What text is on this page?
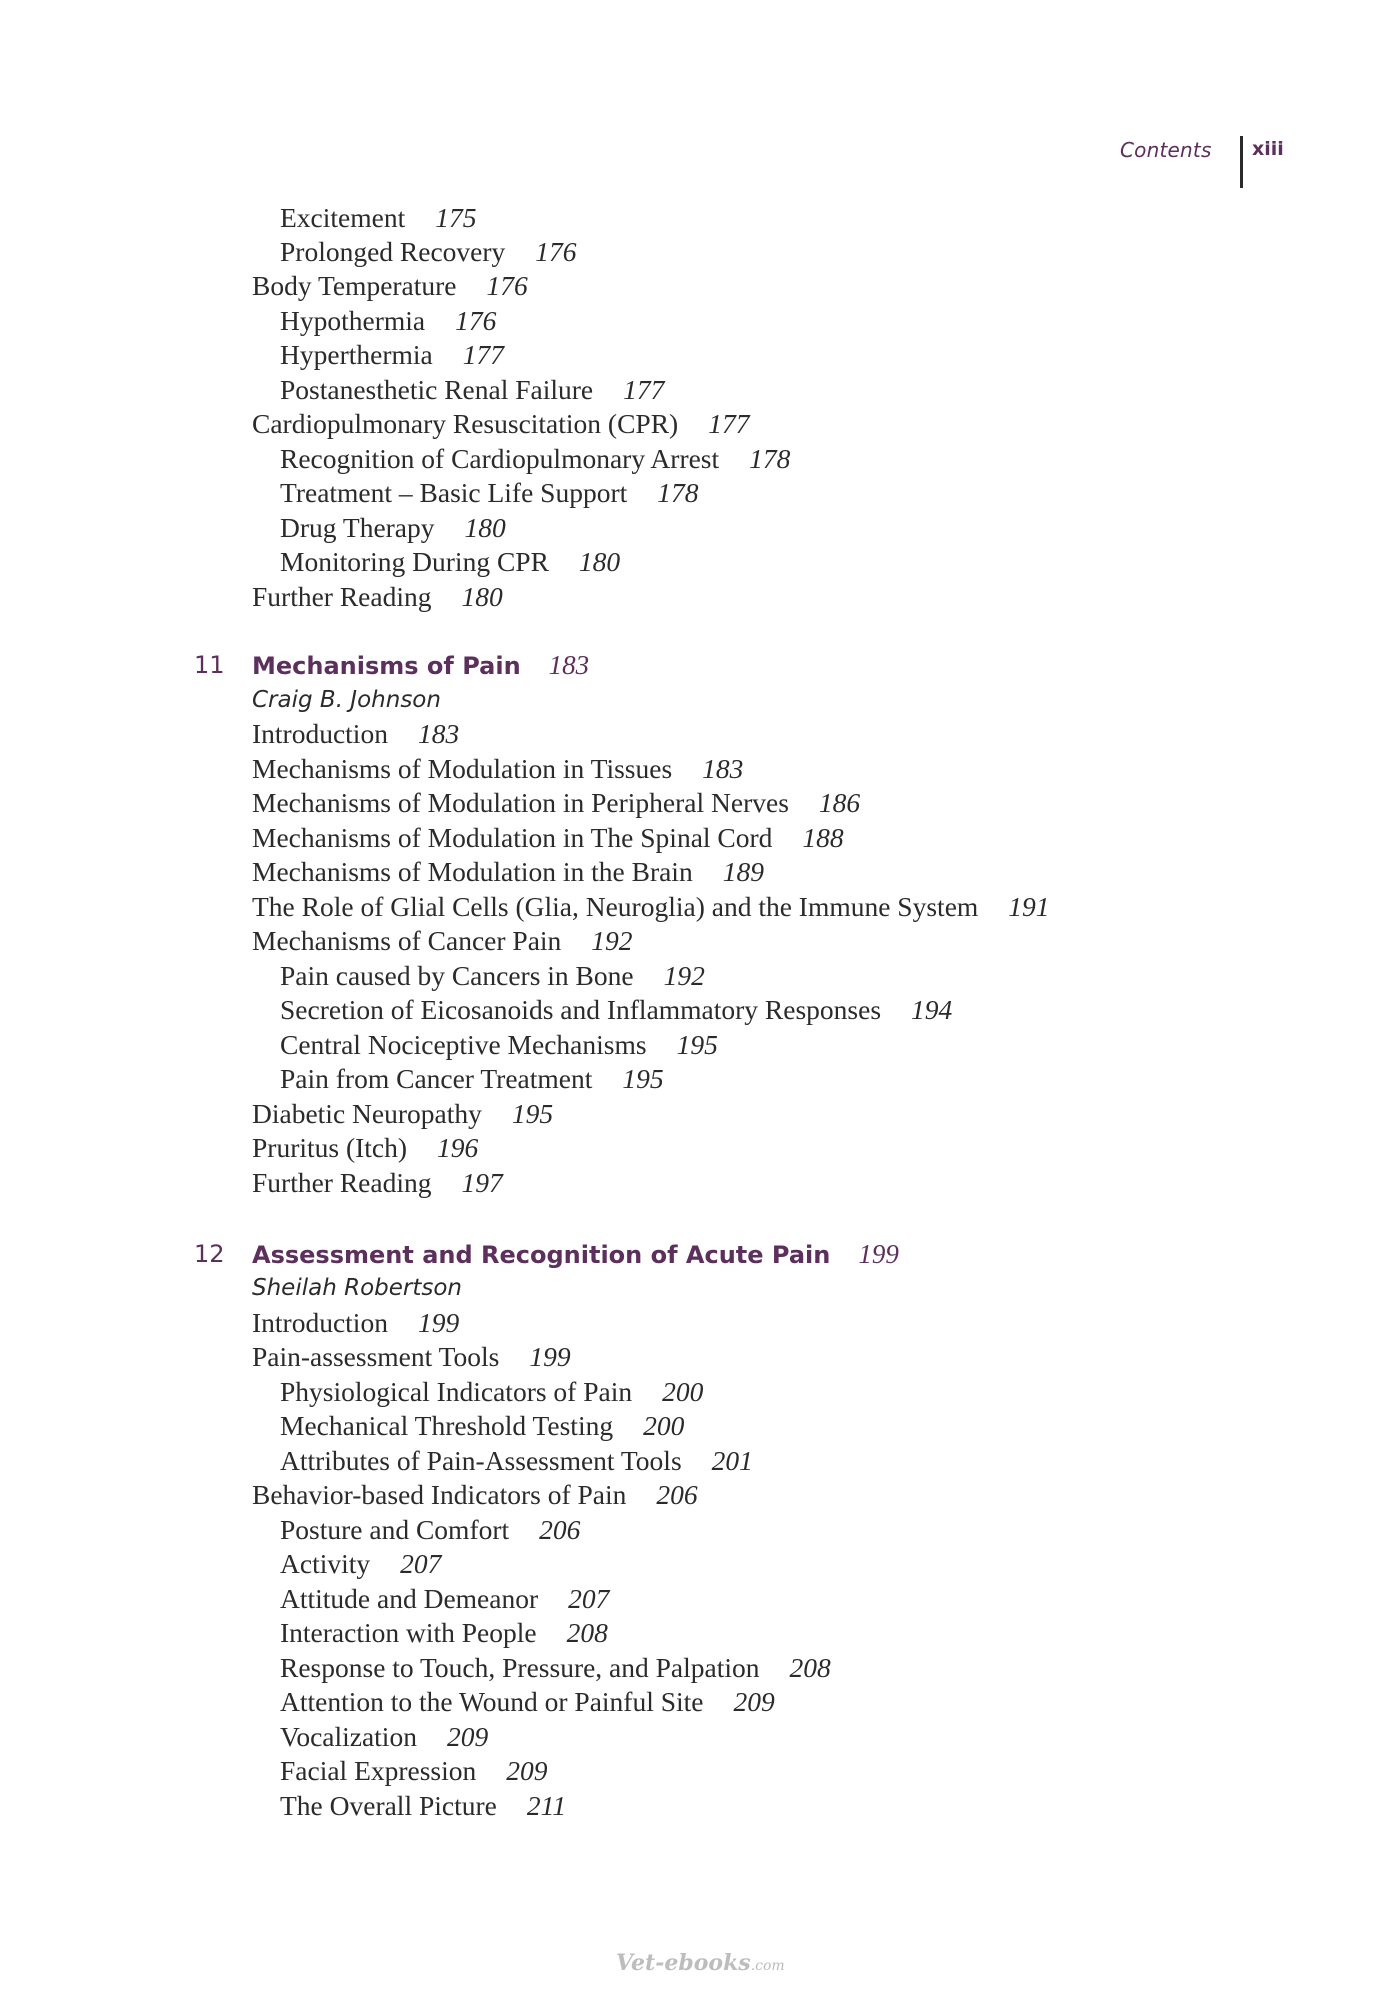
Contents xiii
Excitement 175
Prolonged Recovery 176
Body Temperature 176
Hypothermia 176
Hyperthermia 177
Postanesthetic Renal Failure 177
Cardiopulmonary Resuscitation (CPR) 177
Recognition of Cardiopulmonary Arrest 178
Treatment – Basic Life Support 178
Drug Therapy 180
Monitoring During CPR 180
Further Reading 180
11 Mechanisms of Pain 183
Craig B. Johnson
Introduction 183
Mechanisms of Modulation in Tissues 183
Mechanisms of Modulation in Peripheral Nerves 186
Mechanisms of Modulation in The Spinal Cord 188
Mechanisms of Modulation in the Brain 189
The Role of Glial Cells (Glia, Neuroglia) and the Immune System 191
Mechanisms of Cancer Pain 192
Pain caused by Cancers in Bone 192
Secretion of Eicosanoids and Inflammatory Responses 194
Central Nociceptive Mechanisms 195
Pain from Cancer Treatment 195
Diabetic Neuropathy 195
Pruritus (Itch) 196
Further Reading 197
12 Assessment and Recognition of Acute Pain 199
Sheilah Robertson
Introduction 199
Pain-assessment Tools 199
Physiological Indicators of Pain 200
Mechanical Threshold Testing 200
Attributes of Pain-Assessment Tools 201
Behavior-based Indicators of Pain 206
Posture and Comfort 206
Activity 207
Attitude and Demeanor 207
Interaction with People 208
Response to Touch, Pressure, and Palpation 208
Attention to the Wound or Painful Site 209
Vocalization 209
Facial Expression 209
The Overall Picture 211
Vet-ebooks.com
